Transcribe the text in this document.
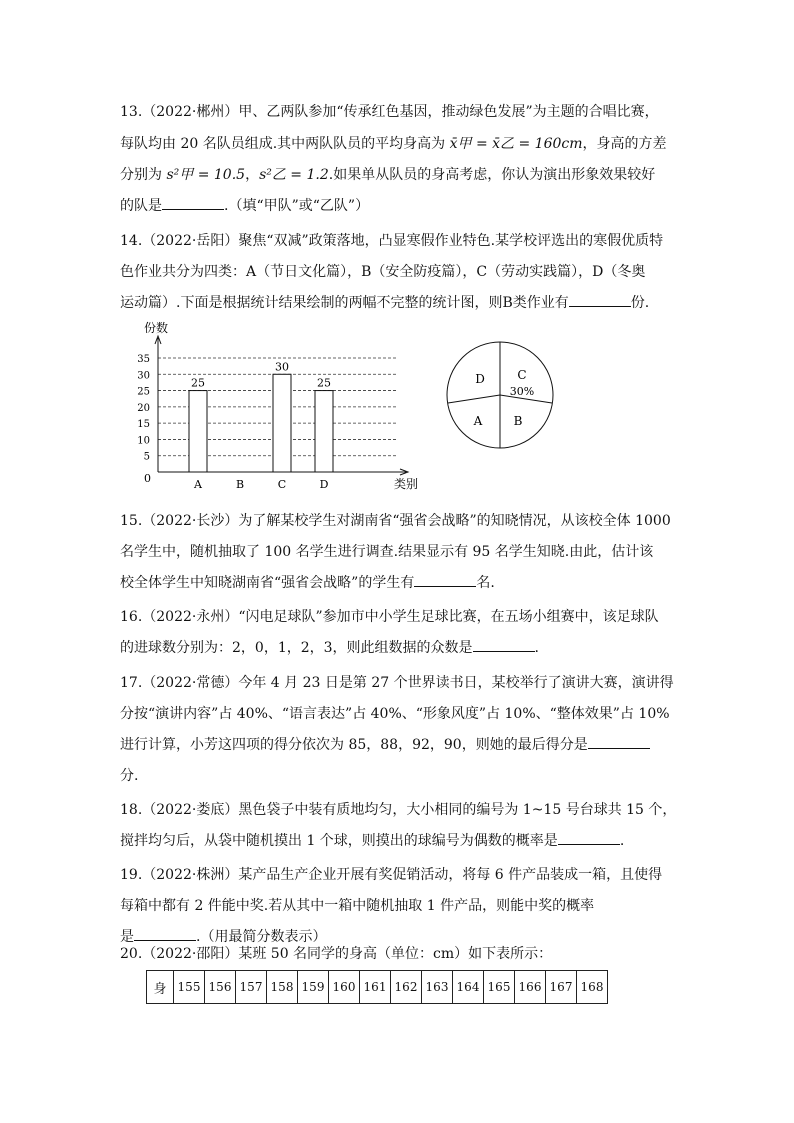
13.（2022·郴州）甲、乙两队参加“传承红色基因，推动绿色发展”为主题的合唱比赛，
每队均由 20 名队员组成.其中两队队员的平均身高为 x̄甲 = x̄乙 = 160cm，身高的方差
分别为 s²甲 = 10.5，s²乙 = 1.2.如果单从队员的身高考虑，你认为演出形象效果较好
的队是	.（填“甲队”或“乙队”）
14.（2022·岳阳）聚焦“双减”政策落地，凸显寒假作业特色.某学校评选出的寒假优质特
色作业共分为四类：A（节日文化篇），B（安全防疫篇），C（劳动实践篇），D（冬奥
运动篇）.下面是根据统计结果绘制的两幅不完整的统计图，则B类作业有	份.
份数
5
10
15
20
25
30
35
0	类别
25
A	B
30
C
25
D
D	C
30%
A	B
15.（2022·长沙）为了解某校学生对湖南省“强省会战略”的知晓情况，从该校全体 1000
名学生中，随机抽取了 100 名学生进行调查.结果显示有 95 名学生知晓.由此，估计该
校全体学生中知晓湖南省“强省会战略”的学生有	名.
16.（2022·永州）“闪电足球队”参加市中小学生足球比赛，在五场小组赛中，该足球队
的进球数分别为：2，0，1，2，3，则此组数据的众数是	.
17.（2022·常德）今年 4 月 23 日是第 27 个世界读书日，某校举行了演讲大赛，演讲得
分按“演讲内容”占 40%、“语言表达”占 40%、“形象风度”占 10%、“整体效果”占 10%
进行计算，小芳这四项的得分依次为 85，88，92，90，则她的最后得分是
分.
18.（2022·娄底）黑色袋子中装有质地均匀，大小相同的编号为 1~15 号台球共 15 个，
搅拌均匀后，从袋中随机摸出 1 个球，则摸出的球编号为偶数的概率是	.
19.（2022·株洲）某产品生产企业开展有奖促销活动，将每 6 件产品装成一箱，且使得
每箱中都有 2 件能中奖.若从其中一箱中随机抽取 1 件产品，则能中奖的概率
是	.（用最简分数表示）
20.（2022·邵阳）某班 50 名同学的身高（单位：cm）如下表所示：
身	155	156	157	158	159	160	161	162	163	164	165	166	167	168
